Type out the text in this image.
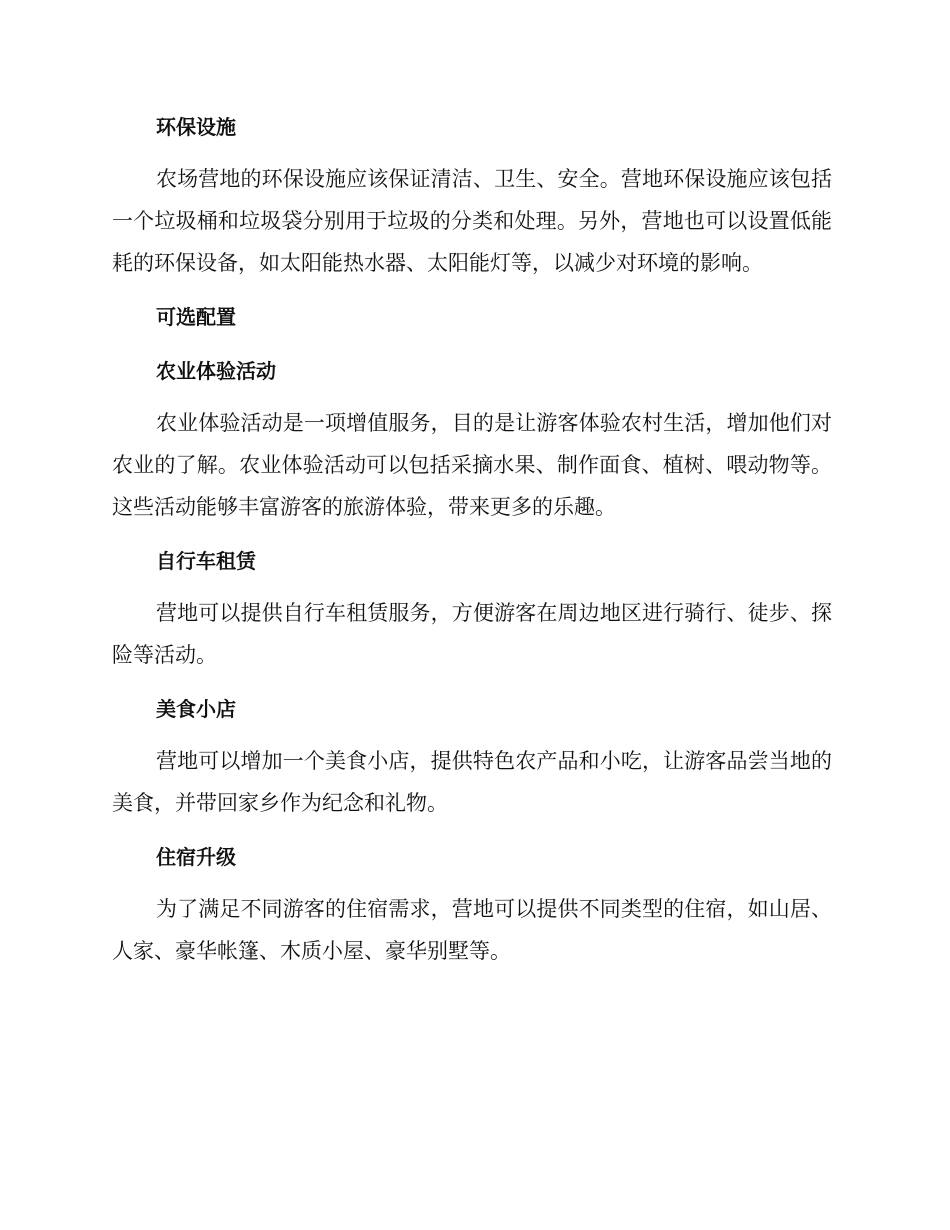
环保设施

农场营地的环保设施应该保证清洁、卫生、安全。营地环保设施应该包括一个垃圾桶和垃圾袋分别用于垃圾的分类和处理。另外，营地也可以设置低能耗的环保设备，如太阳能热水器、太阳能灯等，以减少对环境的影响。

可选配置
农业体验活动

农业体验活动是一项增值服务，目的是让游客体验农村生活，增加他们对农业的了解。农业体验活动可以包括采摘水果、制作面食、植树、喂动物等。这些活动能够丰富游客的旅游体验，带来更多的乐趣。

自行车租赁

营地可以提供自行车租赁服务，方便游客在周边地区进行骑行、徒步、探险等活动。

美食小店

营地可以增加一个美食小店，提供特色农产品和小吃，让游客品尝当地的美食，并带回家乡作为纪念和礼物。

住宿升级

为了满足不同游客的住宿需求，营地可以提供不同类型的住宿，如山居、人家、豪华帐篷、木质小屋、豪华别墅等。
